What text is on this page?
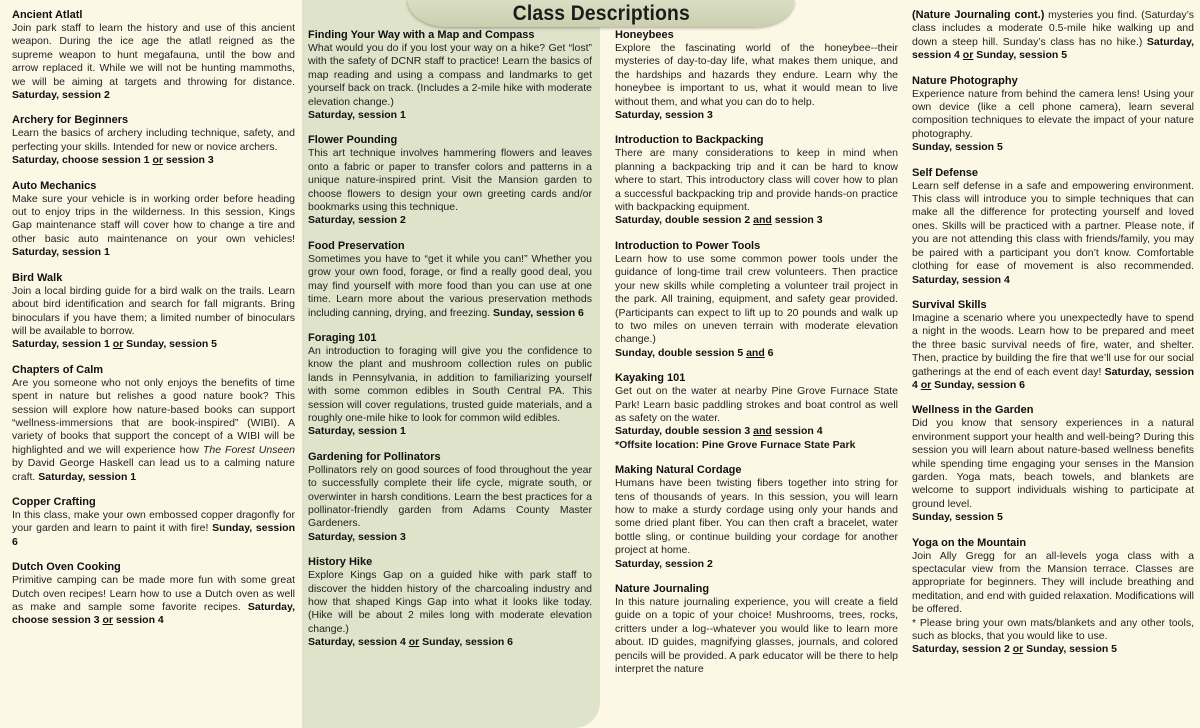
Class Descriptions
Ancient Atlatl
Join park staff to learn the history and use of this ancient weapon. During the ice age the atlatl reigned as the supreme weapon to hunt megafauna, until the bow and arrow replaced it. While we will not be hunting mammoths, we will be aiming at targets and throwing for distance. Saturday, session 2
Archery for Beginners
Learn the basics of archery including technique, safety, and perfecting your skills. Intended for new or novice archers.
Saturday, choose session 1 or session 3
Auto Mechanics
Make sure your vehicle is in working order before heading out to enjoy trips in the wilderness. In this session, Kings Gap maintenance staff will cover how to change a tire and other basic auto maintenance on your own vehicles! Saturday, session 1
Bird Walk
Join a local birding guide for a bird walk on the trails. Learn about bird identification and search for fall migrants. Bring binoculars if you have them; a limited number of binoculars will be available to borrow.
Saturday, session 1 or Sunday, session 5
Chapters of Calm
Are you someone who not only enjoys the benefits of time spent in nature but relishes a good nature book? This session will explore how nature-based books can support “wellness-immersions that are book-inspired” (WIBI). A variety of books that support the concept of a WIBI will be highlighted and we will experience how The Forest Unseen by David George Haskell can lead us to a calming nature craft. Saturday, session 1
Copper Crafting
In this class, make your own embossed copper dragonfly for your garden and learn to paint it with fire! Sunday, session 6
Dutch Oven Cooking
Primitive camping can be made more fun with some great Dutch oven recipes! Learn how to use a Dutch oven as well as make and sample some favorite recipes. Saturday, choose session 3 or session 4
Finding Your Way with a Map and Compass
What would you do if you lost your way on a hike? Get “lost” with the safety of DCNR staff to practice! Learn the basics of map reading and using a compass and landmarks to get yourself back on track. (Includes a 2-mile hike with moderate elevation change.)
Saturday, session 1
Flower Pounding
This art technique involves hammering flowers and leaves onto a fabric or paper to transfer colors and patterns in a unique nature-inspired print. Visit the Mansion garden to choose flowers to design your own greeting cards and/or bookmarks using this technique.
Saturday, session 2
Food Preservation
Sometimes you have to “get it while you can!” Whether you grow your own food, forage, or find a really good deal, you may find yourself with more food than you can use at one time. Learn more about the various preservation methods including canning, drying, and freezing. Sunday, session 6
Foraging 101
An introduction to foraging will give you the confidence to know the plant and mushroom collection rules on public lands in Pennsylvania, in addition to familiarizing yourself with some common edibles in South Central PA. This session will cover regulations, trusted guide materials, and a roughly one-mile hike to look for common wild edibles.
Saturday, session 1
Gardening for Pollinators
Pollinators rely on good sources of food throughout the year to successfully complete their life cycle, migrate south, or overwinter in harsh conditions. Learn the best practices for a pollinator-friendly garden from Adams County Master Gardeners.
Saturday, session 3
History Hike
Explore Kings Gap on a guided hike with park staff to discover the hidden history of the charcoaling industry and how that shaped Kings Gap into what it looks like today. (Hike will be about 2 miles long with moderate elevation change.)
Saturday, session 4 or Sunday, session 6
Honeybees
Explore the fascinating world of the honeybee--their mysteries of day-to-day life, what makes them unique, and the hardships and hazards they endure. Learn why the honeybee is important to us, what it would mean to live without them, and what you can do to help.
Saturday, session 3
Introduction to Backpacking
There are many considerations to keep in mind when planning a backpacking trip and it can be hard to know where to start. This introductory class will cover how to plan a successful backpacking trip and provide hands-on practice with backpacking equipment.
Saturday, double session 2 and session 3
Introduction to Power Tools
Learn how to use some common power tools under the guidance of long-time trail crew volunteers. Then practice your new skills while completing a volunteer trail project in the park. All training, equipment, and safety gear provided. (Participants can expect to lift up to 20 pounds and walk up to two miles on uneven terrain with moderate elevation change.)
Sunday, double session 5 and 6
Kayaking 101
Get out on the water at nearby Pine Grove Furnace State Park! Learn basic paddling strokes and boat control as well as safety on the water.
Saturday, double session 3 and session 4
*Offsite location: Pine Grove Furnace State Park
Making Natural Cordage
Humans have been twisting fibers together into string for tens of thousands of years. In this session, you will learn how to make a sturdy cordage using only your hands and some dried plant fiber. You can then craft a bracelet, water bottle sling, or continue building your cordage for another project at home.
Saturday, session 2
Nature Journaling
In this nature journaling experience, you will create a field guide on a topic of your choice! Mushrooms, trees, rocks, critters under a log--whatever you would like to learn more about. ID guides, magnifying glasses, journals, and colored pencils will be provided. A park educator will be there to help interpret the nature
(Nature Journaling cont.) mysteries you find. (Saturday’s class includes a moderate 0.5-mile hike walking up and down a steep hill. Sunday’s class has no hike.) Saturday, session 4 or Sunday, session 5
Nature Photography
Experience nature from behind the camera lens! Using your own device (like a cell phone camera), learn several composition techniques to elevate the impact of your nature photography.
Sunday, session 5
Self Defense
Learn self defense in a safe and empowering environment. This class will introduce you to simple techniques that can make all the difference for protecting yourself and loved ones. Skills will be practiced with a partner. Please note, if you are not attending this class with friends/family, you may be paired with a participant you don’t know. Comfortable clothing for ease of movement is also recommended. Saturday, session 4
Survival Skills
Imagine a scenario where you unexpectedly have to spend a night in the woods. Learn how to be prepared and meet the three basic survival needs of fire, water, and shelter. Then, practice by building the fire that we’ll use for our social gatherings at the end of each event day! Saturday, session 4 or Sunday, session 6
Wellness in the Garden
Did you know that sensory experiences in a natural environment support your health and well-being? During this session you will learn about nature-based wellness benefits while spending time engaging your senses in the Mansion garden. Yoga mats, beach towels, and blankets are welcome to support individuals wishing to participate at ground level.
Sunday, session 5
Yoga on the Mountain
Join Ally Gregg for an all-levels yoga class with a spectacular view from the Mansion terrace. Classes are appropriate for beginners. They will include breathing and meditation, and end with guided relaxation. Modifications will be offered.
* Please bring your own mats/blankets and any other tools, such as blocks, that you would like to use.
Saturday, session 2 or Sunday, session 5
